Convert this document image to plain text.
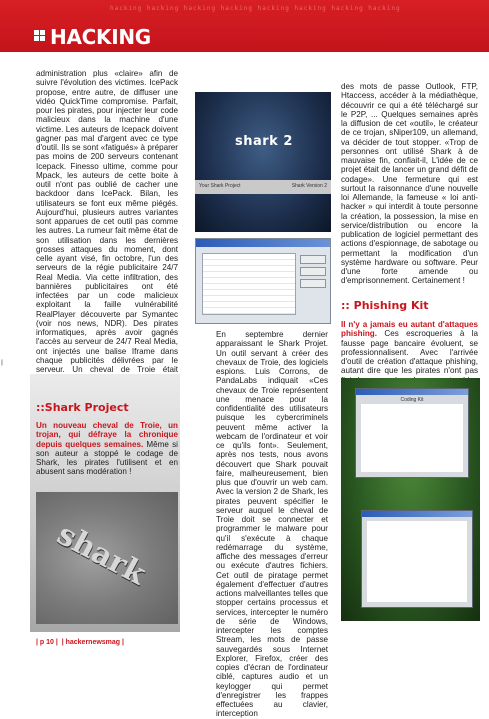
hacking hacking hacking hacking hacking hacking hacking hacking
HACKING
▌

administration plus «claire» afin de suivre l'évolution des victimes. IcePack propose, entre autre, de diffuser une vidéo QuickTime compromise. Parfait, pour les pirates, pour injecter leur code malicieux dans la machine d'une victime. Les auteurs de Icepack doivent gagner pas mal d'argent avec ce type d'outil. Ils se sont «fatigués» à préparer pas moins de 200 serveurs contenant Icepack. Finesso ultime, comme pour Mpack, les auteurs de cette boite à outil n'ont pas oublié de cacher une backdoor dans IcePack. Bilan, les utilisateurs se font eux même piégés. Aujourd'hui, plusieurs autres variantes sont apparues de cet outil pas comme les autres. La rumeur fait même état de son utilisation dans les dernières grosses attaques du moment, dont celle ayant visé, fin octobre, l'un des serveurs de la régie publicitaire 24/7 Real Media. Via cette infiltration, des bannières publicitaires ont été infectées par un code malicieux exploitant la faille vulnérabilité RealPlayer découverte par Symantec (voir nos news, NDR). Des pirates informatiques, après avoir gagnés l'accès au serveur de 24/7 Real Media, ont injectés une balise Iframe dans chaque publicités délivrées par le serveur. Un cheval de Troie était

::Shark Project
Un nouveau cheval de Troie, un trojan, qui défraye la chronique depuis quelques semaines. Même si son auteur a stoppé le codage de Shark, les pirates l'utilisent et en abusent sans modération !
shark
shark 2
Your Shark Project	Shark Version 2

En septembre dernier apparaissant le Shark Projet. Un outil servant à créer des chevaux de Troie, des logiciels espions. Luis Corrons, de PandaLabs indiquait «Ces chevaux de Troie représentent une menace pour la confidentialité des utilisateurs puisque les cybercriminels peuvent même activer la webcam de l'ordinateur et voir ce qu'ils font». Seulement, après nos tests, nous avons découvert que Shark pouvait faire, malheureusement, bien plus que d'ouvrir un web cam. Avec la version 2 de Shark, les pirates peuvent spécifier le serveur auquel le cheval de Troie doit se connecter et programmer le malware pour qu'il s'exécute à chaque redémarrage du système, affiche des messages d'erreur ou exécute d'autres fichiers. Cet outil de piratage permet également d'effectuer d'autres actions malveillantes telles que stopper certains processus et services, intercepter le numéro de série de Windows, intercepter les comptes Stream, les mots de passe sauvegardés sous Internet Explorer, Firefox, créer des copies d'écran de l'ordinateur ciblé, captures audio et un keylogger qui permet d'enregistrer les frappes effectuées au clavier, interception

des mots de passe Outlook, FTP, Htaccess, accéder à la médiathèque, découvrir ce qui a été téléchargé sur le P2P, ... Quelques semaines après la diffusion de cet «outil», le créateur de ce trojan, sNiper109, un allemand, va décider de tout stopper. «Trop de personnes ont utilisé Shark à de mauvaise fin, confiait-il, L'idée de ce projet était de lancer un grand défit de codage». Une fermeture qui est surtout la raisonnance d'une nouvelle loi Allemande, la fameuse « loi anti-hacker » qui interdit à toute personne la création, la possession, la mise en service/distribution ou encore la publication de logiciel permettant des actions d'espionnage, de sabotage ou permettant la modification d'un système hardware ou software. Peur d'une forte amende ou d'emprisonnement. Certainement !

:: Phishing Kit
Il n'y a jamais eu autant d'attaques phishing. Ces escroqueries à la fausse page bancaire évoluent, se professionnalisent. Avec l'arrivée d'outil de création d'attaque phishing, autant dire que les pirates n'ont pas
Coding Kit
| p 10 |  | hackernewsmag |
